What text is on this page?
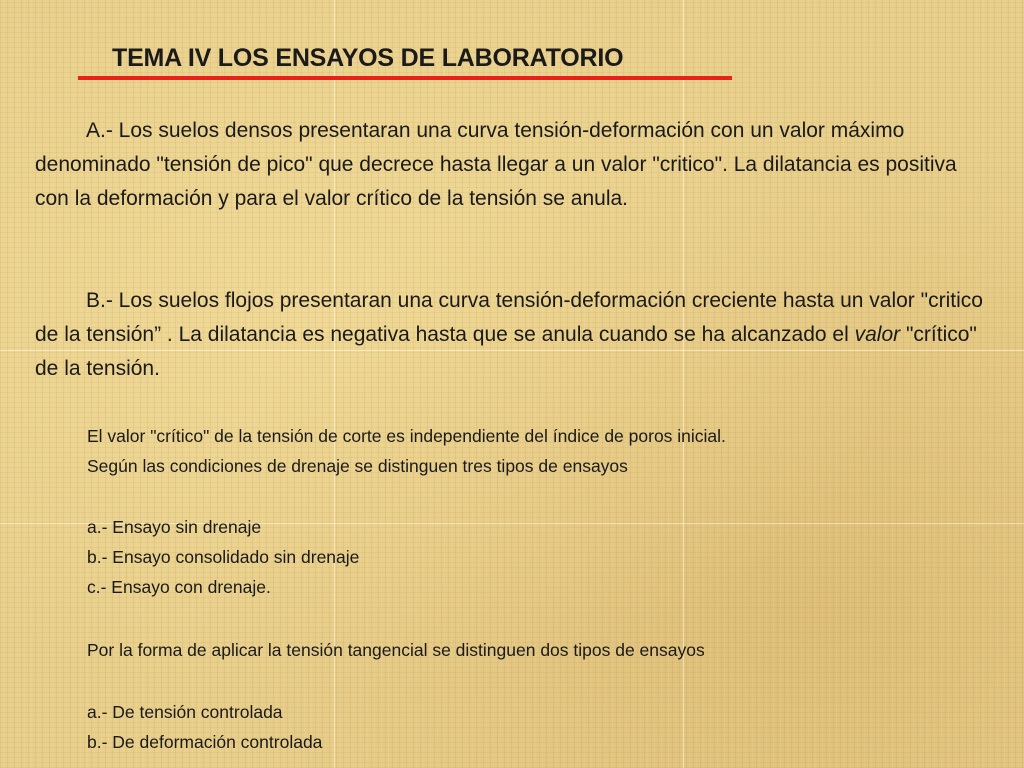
TEMA IV LOS ENSAYOS DE LABORATORIO

A.- Los suelos densos presentaran una curva tensión-deformación con un valor máximo denominado "tensión de pico" que decrece hasta llegar a un valor "critico". La dilatancia es positiva con la deformación y para el valor crítico de la tensión se anula.

B.- Los suelos flojos presentaran una curva tensión-deformación creciente hasta un valor "critico de la tensión” . La dilatancia es negativa hasta que se anula cuando se ha alcanzado el valor "crítico" de la tensión.

El valor "crítico" de la tensión de corte es independiente del índice de poros inicial.

Según las condiciones de drenaje se distinguen tres tipos de ensayos

a.- Ensayo sin drenaje

b.- Ensayo consolidado sin drenaje

c.- Ensayo con drenaje.

Por la forma de aplicar la tensión tangencial se distinguen dos tipos de ensayos

a.- De tensión controlada

b.- De deformación controlada
